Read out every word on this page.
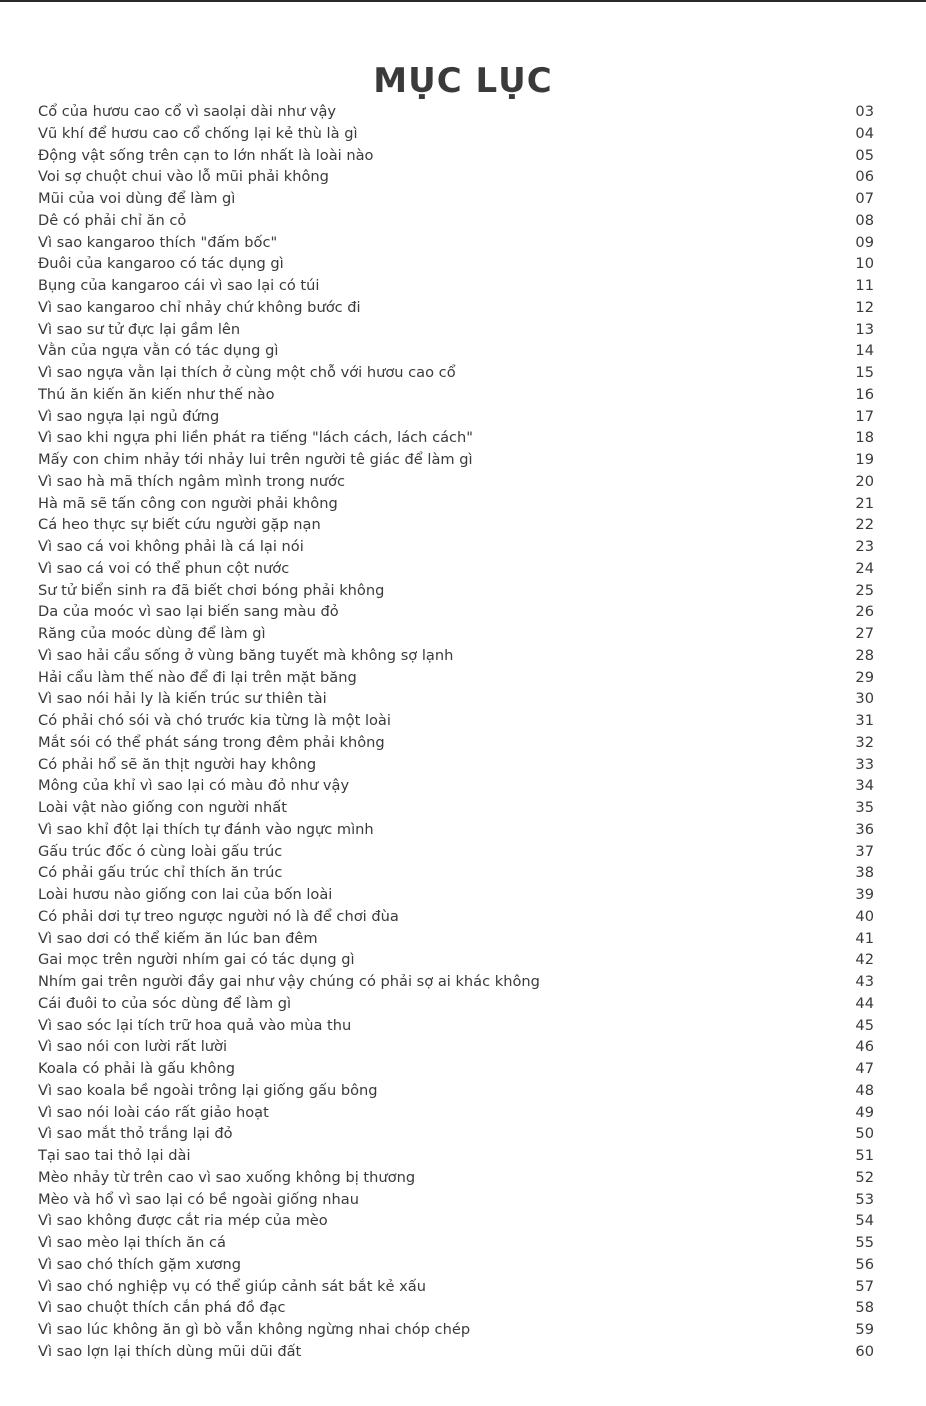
MỤC LỤC
Cổ của hươu cao cổ vì saolại dài như vậy	03
Vũ khí để hươu cao cổ chống lại kẻ thù là gì	04
Động vật sống trên cạn to lớn nhất là loài nào	05
Voi sợ chuột chui vào lỗ mũi phải không	06
Mũi của voi dùng để làm gì	07
Dê có phải chỉ ăn cỏ	08
Vì sao kangaroo thích "đấm bốc"	09
Đuôi của kangaroo có tác dụng gì	10
Bụng của kangaroo cái vì sao lại có túi	11
Vì sao kangaroo chỉ nhảy chứ không bước đi	12
Vì sao sư tử đực lại gầm lên	13
Vằn của ngựa vằn có tác dụng gì	14
Vì sao ngựa vằn lại thích ở cùng một chỗ với hươu cao cổ	15
Thú ăn kiến ăn kiến như thế nào	16
Vì sao ngựa lại ngủ đứng	17
Vì sao khi ngựa phi liền phát ra tiếng "lách cách, lách cách"	18
Mấy con chim nhảy tới nhảy lui trên người tê giác để làm gì	19
Vì sao hà mã thích ngâm mình trong nước	20
Hà mã sẽ tấn công con người phải không	21
Cá heo thực sự biết cứu người gặp nạn	22
Vì sao cá voi không phải là cá lại nói	23
Vì sao cá voi có thể phun cột nước	24
Sư tử biển sinh ra đã biết chơi bóng phải không	25
Da của moóc vì sao lại biến sang màu đỏ	26
Răng của moóc dùng để làm gì	27
Vì sao hải cẩu sống ở vùng băng tuyết mà không sợ lạnh	28
Hải cẩu làm thế nào để đi lại trên mặt băng	29
Vì sao nói hải ly là kiến trúc sư thiên tài	30
Có phải chó sói và chó trước kia từng là một loài	31
Mắt sói có thể phát sáng trong đêm phải không	32
Có phải hổ sẽ ăn thịt người hay không	33
Mông của khỉ vì sao lại có màu đỏ như vậy	34
Loài vật nào giống con người nhất	35
Vì sao khỉ đột lại thích tự đánh vào ngực mình	36
Gấu trúc đốc ó cùng loài gấu trúc	37
Có phải gấu trúc chỉ thích ăn trúc	38
Loài hươu nào giống con lai của bốn loài	39
Có phải dơi tự treo ngược người nó là để chơi đùa	40
Vì sao dơi có thể kiếm ăn lúc ban đêm	41
Gai mọc trên người nhím gai có tác dụng gì	42
Nhím gai trên người đầy gai như vậy chúng có phải sợ ai khác không	43
Cái đuôi to của sóc dùng để làm gì	44
Vì sao sóc lại tích trữ hoa quả vào mùa thu	45
Vì sao nói con lười rất lười	46
Koala có phải là gấu không	47
Vì sao koala bề ngoài trông lại giống gấu bông	48
Vì sao nói loài cáo rất giảo hoạt	49
Vì sao mắt thỏ trắng lại đỏ	50
Tại sao tai thỏ lại dài	51
Mèo nhảy từ trên cao vì sao xuống không bị thương	52
Mèo và hổ vì sao lại có bề ngoài giống nhau	53
Vì sao không được cắt ria mép của mèo	54
Vì sao mèo lại thích ăn cá	55
Vì sao chó thích gặm xương	56
Vì sao chó nghiệp vụ có thể giúp cảnh sát bắt kẻ xấu	57
Vì sao chuột thích cắn phá đồ đạc	58
Vì sao lúc không ăn gì bò vẫn không ngừng nhai chóp chép	59
Vì sao lợn lại thích dùng mũi dũi đất	60
